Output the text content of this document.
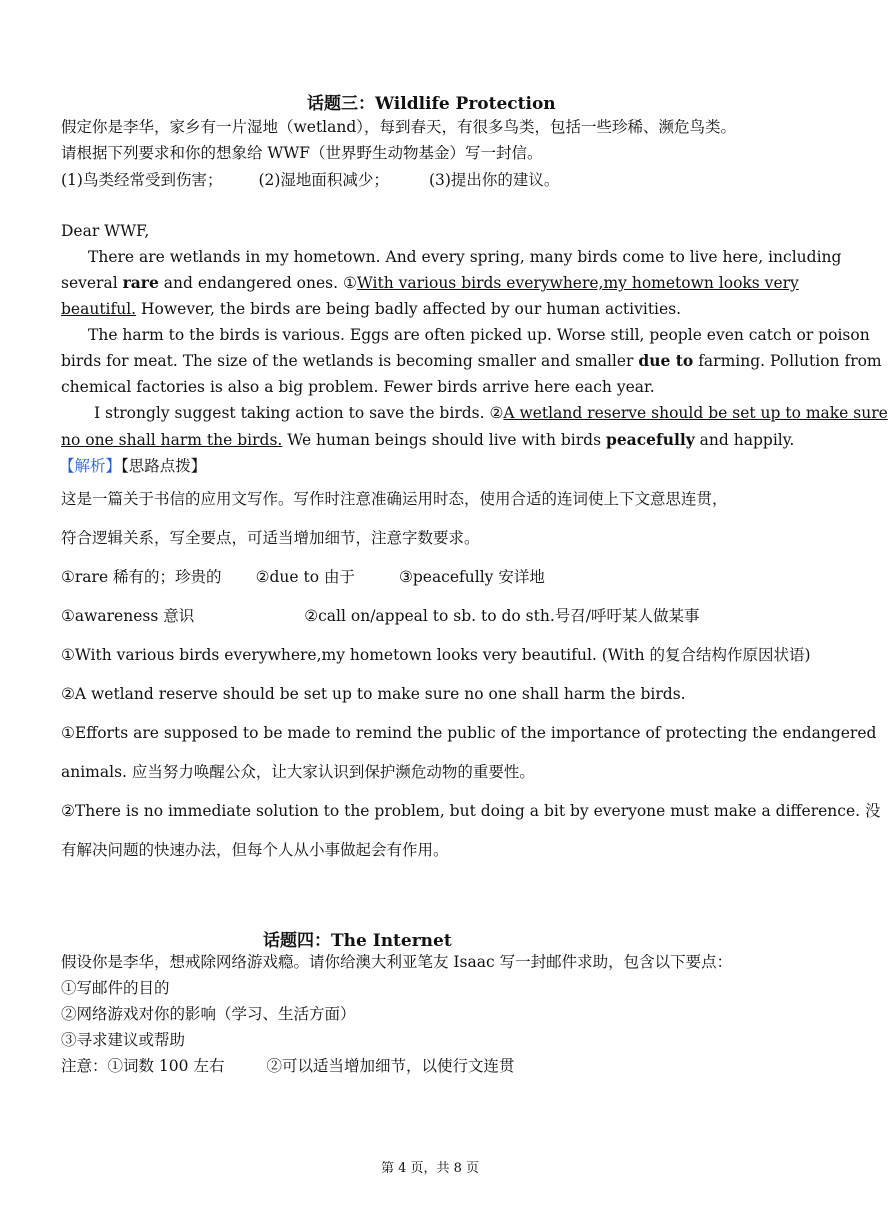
话题三：Wildlife Protection
假定你是李华，家乡有一片湿地（wetland），每到春天，有很多鸟类，包括一些珍稀、濒危鸟类。
请根据下列要求和你的想象给 WWF（世界野生动物基金）写一封信。
(1)鸟类经常受到伤害； (2)湿地面积减少；	(3)提出你的建议。
Dear WWF,
There are wetlands in my hometown. And every spring, many birds come to live here, including
several rare and endangered ones. ①With various birds everywhere,my hometown looks very
beautiful. However, the birds are being badly affected by our human activities.
The harm to the birds is various. Eggs are often picked up. Worse still, people even catch or poison
birds for meat. The size of the wetlands is becoming smaller and smaller due to farming. Pollution from
chemical factories is also a big problem. Fewer birds arrive here each year.
I strongly suggest taking action to save the birds. ②A wetland reserve should be set up to make sure
no one shall harm the birds. We human beings should live with birds peacefully and happily.
【解析】【思路点拨】
这是一篇关于书信的应用文写作。写作时注意准确运用时态，使用合适的连词使上下文意思连贯，
符合逻辑关系，写全要点，可适当增加细节，注意字数要求。
①rare 稀有的；珍贵的 ②due to 由于	③peacefully 安详地
①awareness 意识	②call on/appeal to sb. to do sth.号召/呼吁某人做某事
①With various birds everywhere,my hometown looks very beautiful. (With 的复合结构作原因状语)
②A wetland reserve should be set up to make sure no one shall harm the birds.
①Efforts are supposed to be made to remind the public of the importance of protecting the endangered
animals. 应当努力唤醒公众，让大家认识到保护濒危动物的重要性。
②There is no immediate solution to the problem, but doing a bit by everyone must make a difference. 没
有解决问题的快速办法，但每个人从小事做起会有作用。
话题四：The Internet
假设你是李华，想戒除网络游戏瘾。请你给澳大利亚笔友 Isaac 写一封邮件求助，包含以下要点：
①写邮件的目的
②网络游戏对你的影响（学习、生活方面）
③寻求建议或帮助
注意：①词数 100 左右	②可以适当增加细节，以使行文连贯
第 4 页，共 8 页
